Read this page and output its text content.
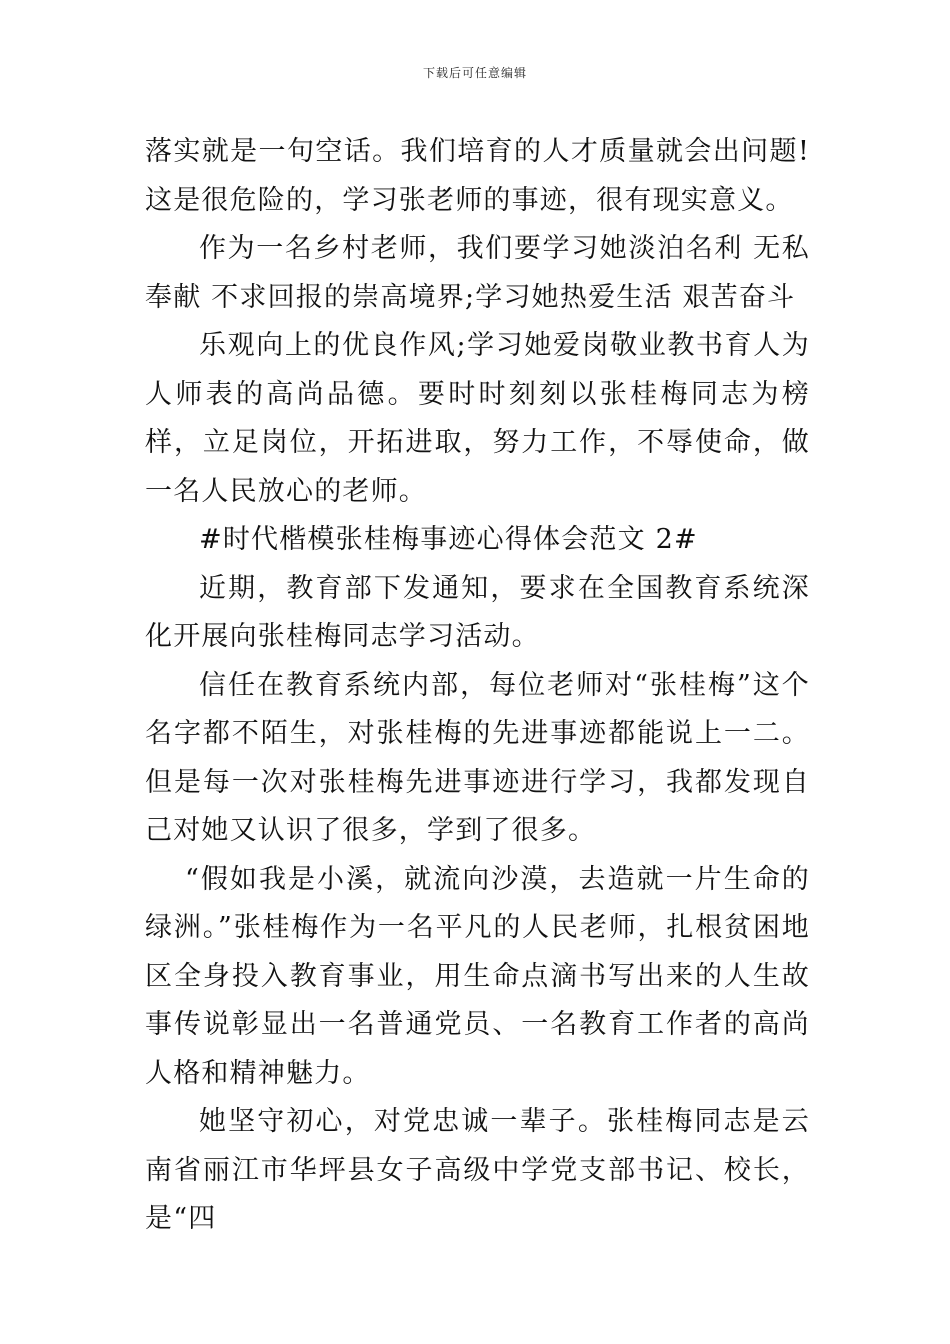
下载后可任意编辑

落实就是一句空话。我们培育的人才质量就会出问题!这是很危险的，学习张老师的事迹，很有现实意义。

作为一名乡村老师，我们要学习她淡泊名利 无私奉献 不求回报的崇高境界;学习她热爱生活 艰苦奋斗

乐观向上的优良作风;学习她爱岗敬业教书育人为人师表的高尚品德。要时时刻刻以张桂梅同志为榜样，立足岗位，开拓进取，努力工作，不辱使命，做一名人民放心的老师。

#时代楷模张桂梅事迹心得体会范文 2#

近期，教育部下发通知，要求在全国教育系统深化开展向张桂梅同志学习活动。

信任在教育系统内部，每位老师对“张桂梅”这个名字都不陌生，对张桂梅的先进事迹都能说上一二。但是每一次对张桂梅先进事迹进行学习，我都发现自己对她又认识了很多，学到了很多。

“假如我是小溪，就流向沙漠，去造就一片生命的绿洲。”张桂梅作为一名平凡的人民老师，扎根贫困地区全身投入教育事业，用生命点滴书写出来的人生故事传说彰显出一名普通党员、一名教育工作者的高尚人格和精神魅力。

她坚守初心，对党忠诚一辈子。张桂梅同志是云南省丽江市华坪县女子高级中学党支部书记、校长，是“四
